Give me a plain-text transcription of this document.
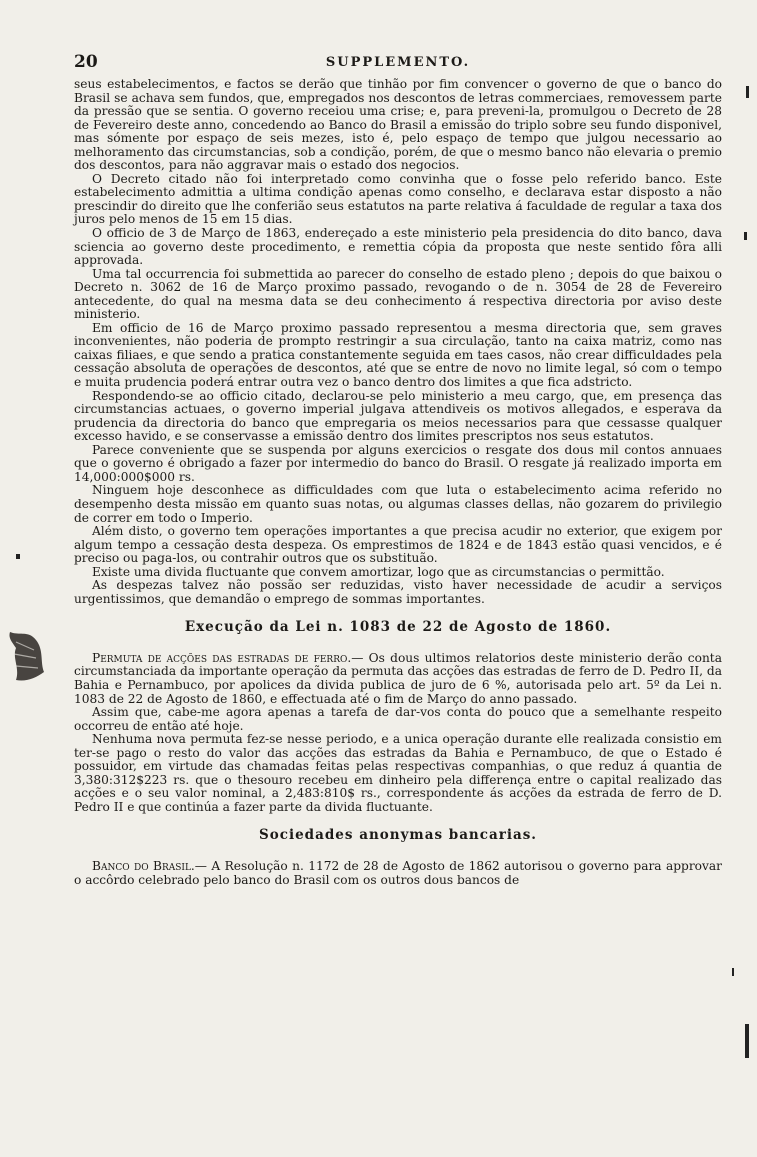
20	SUPPLEMENTO.

seus estabelecimentos, e factos se derão que tinhão por fim convencer o governo de que o banco do Brasil se achava sem fundos, que, empregados nos descontos de letras commerciaes, removessem parte da pressão que se sentia. O governo receiou uma crise; e, para preveni-la, promulgou o Decreto de 28 de Fevereiro deste anno, concedendo ao Banco do Brasil a emissão do triplo sobre seu fundo disponivel, mas sómente por espaço de seis mezes, isto é, pelo espaço de tempo que julgou necessario ao melhoramento das circumstancias, sob a condição, porém, de que o mesmo banco não elevaria o premio dos descontos, para não aggravar mais o estado dos negocios.

O Decreto citado não foi interpretado como convinha que o fosse pelo referido banco. Este estabelecimento admittia a ultima condição apenas como conselho, e declarava estar disposto a não prescindir do direito que lhe conferião seus estatutos na parte relativa á faculdade de regular a taxa dos juros pelo menos de 15 em 15 dias.

O officio de 3 de Março de 1863, endereçado a este ministerio pela presidencia do dito banco, dava sciencia ao governo deste procedimento, e remettia cópia da proposta que neste sentido fôra alli approvada.

Uma tal occurrencia foi submettida ao parecer do conselho de estado pleno ; depois do que baixou o Decreto n. 3062 de 16 de Março proximo passado, revogando o de n. 3054 de 28 de Fevereiro antecedente, do qual na mesma data se deu conhecimento á respectiva directoria por aviso deste ministerio.

Em officio de 16 de Março proximo passado representou a mesma directoria que, sem graves inconvenientes, não poderia de prompto restringir a sua circulação, tanto na caixa matriz, como nas caixas filiaes, e que sendo a pratica constantemente seguida em taes casos, não crear difficuldades pela cessação absoluta de operações de descontos, até que se entre de novo no limite legal, só com o tempo e muita prudencia poderá entrar outra vez o banco dentro dos limites a que fica adstricto.

Respondendo-se ao officio citado, declarou-se pelo ministerio a meu cargo, que, em presença das circumstancias actuaes, o governo imperial julgava attendiveis os motivos allegados, e esperava da prudencia da directoria do banco que empregaria os meios necessarios para que cessasse qualquer excesso havido, e se conservasse a emissão dentro dos limites prescriptos nos seus estatutos.

Parece conveniente que se suspenda por alguns exercicios o resgate dos dous mil contos annuaes que o governo é obrigado a fazer por intermedio do banco do Brasil. O resgate já realizado importa em 14,000:000$000 rs.

Ninguem hoje desconhece as difficuldades com que luta o estabelecimento acima referido no desempenho desta missão em quanto suas notas, ou algumas classes dellas, não gozarem do privilegio de correr em todo o Imperio.

Além disto, o governo tem operações importantes a que precisa acudir no exterior, que exigem por algum tempo a cessação desta despeza. Os emprestimos de 1824 e de 1843 estão quasi vencidos, e é preciso ou paga-los, ou contrahir outros que os substituão.

Existe uma divida fluctuante que convem amortizar, logo que as circumstancias o permittão.

As despezas talvez não possão ser reduzidas, visto haver necessidade de acudir a serviços urgentissimos, que demandão o emprego de sommas importantes.

Execução da Lei n. 1083 de 22 de Agosto de 1860.

Permuta de acções das estradas de ferro.— Os dous ultimos relatorios deste ministerio derão conta circumstanciada da importante operação da permuta das acções das estradas de ferro de D. Pedro II, da Bahia e Pernambuco, por apolices da divida publica de juro de 6 %, autorisada pelo art. 5º da Lei n. 1083 de 22 de Agosto de 1860, e effectuada até o fim de Março do anno passado.

Assim que, cabe-me agora apenas a tarefa de dar-vos conta do pouco que a semelhante respeito occorreu de então até hoje.

Nenhuma nova permuta fez-se nesse periodo, e a unica operação durante elle realizada consistio em ter-se pago o resto do valor das acções das estradas da Bahia e Pernambuco, de que o Estado é possuidor, em virtude das chamadas feitas pelas respectivas companhias, o que reduz á quantia de 3,380:312$223 rs. que o thesouro recebeu em dinheiro pela differença entre o capital realizado das acções e o seu valor nominal, a 2,483:810$ rs., correspondente ás acções da estrada de ferro de D. Pedro II e que continúa a fazer parte da divida fluctuante.

Sociedades anonymas bancarias.

Banco do Brasil.— A Resolução n. 1172 de 28 de Agosto de 1862 autorisou o governo para approvar o accôrdo celebrado pelo banco do Brasil com os outros dous bancos de
